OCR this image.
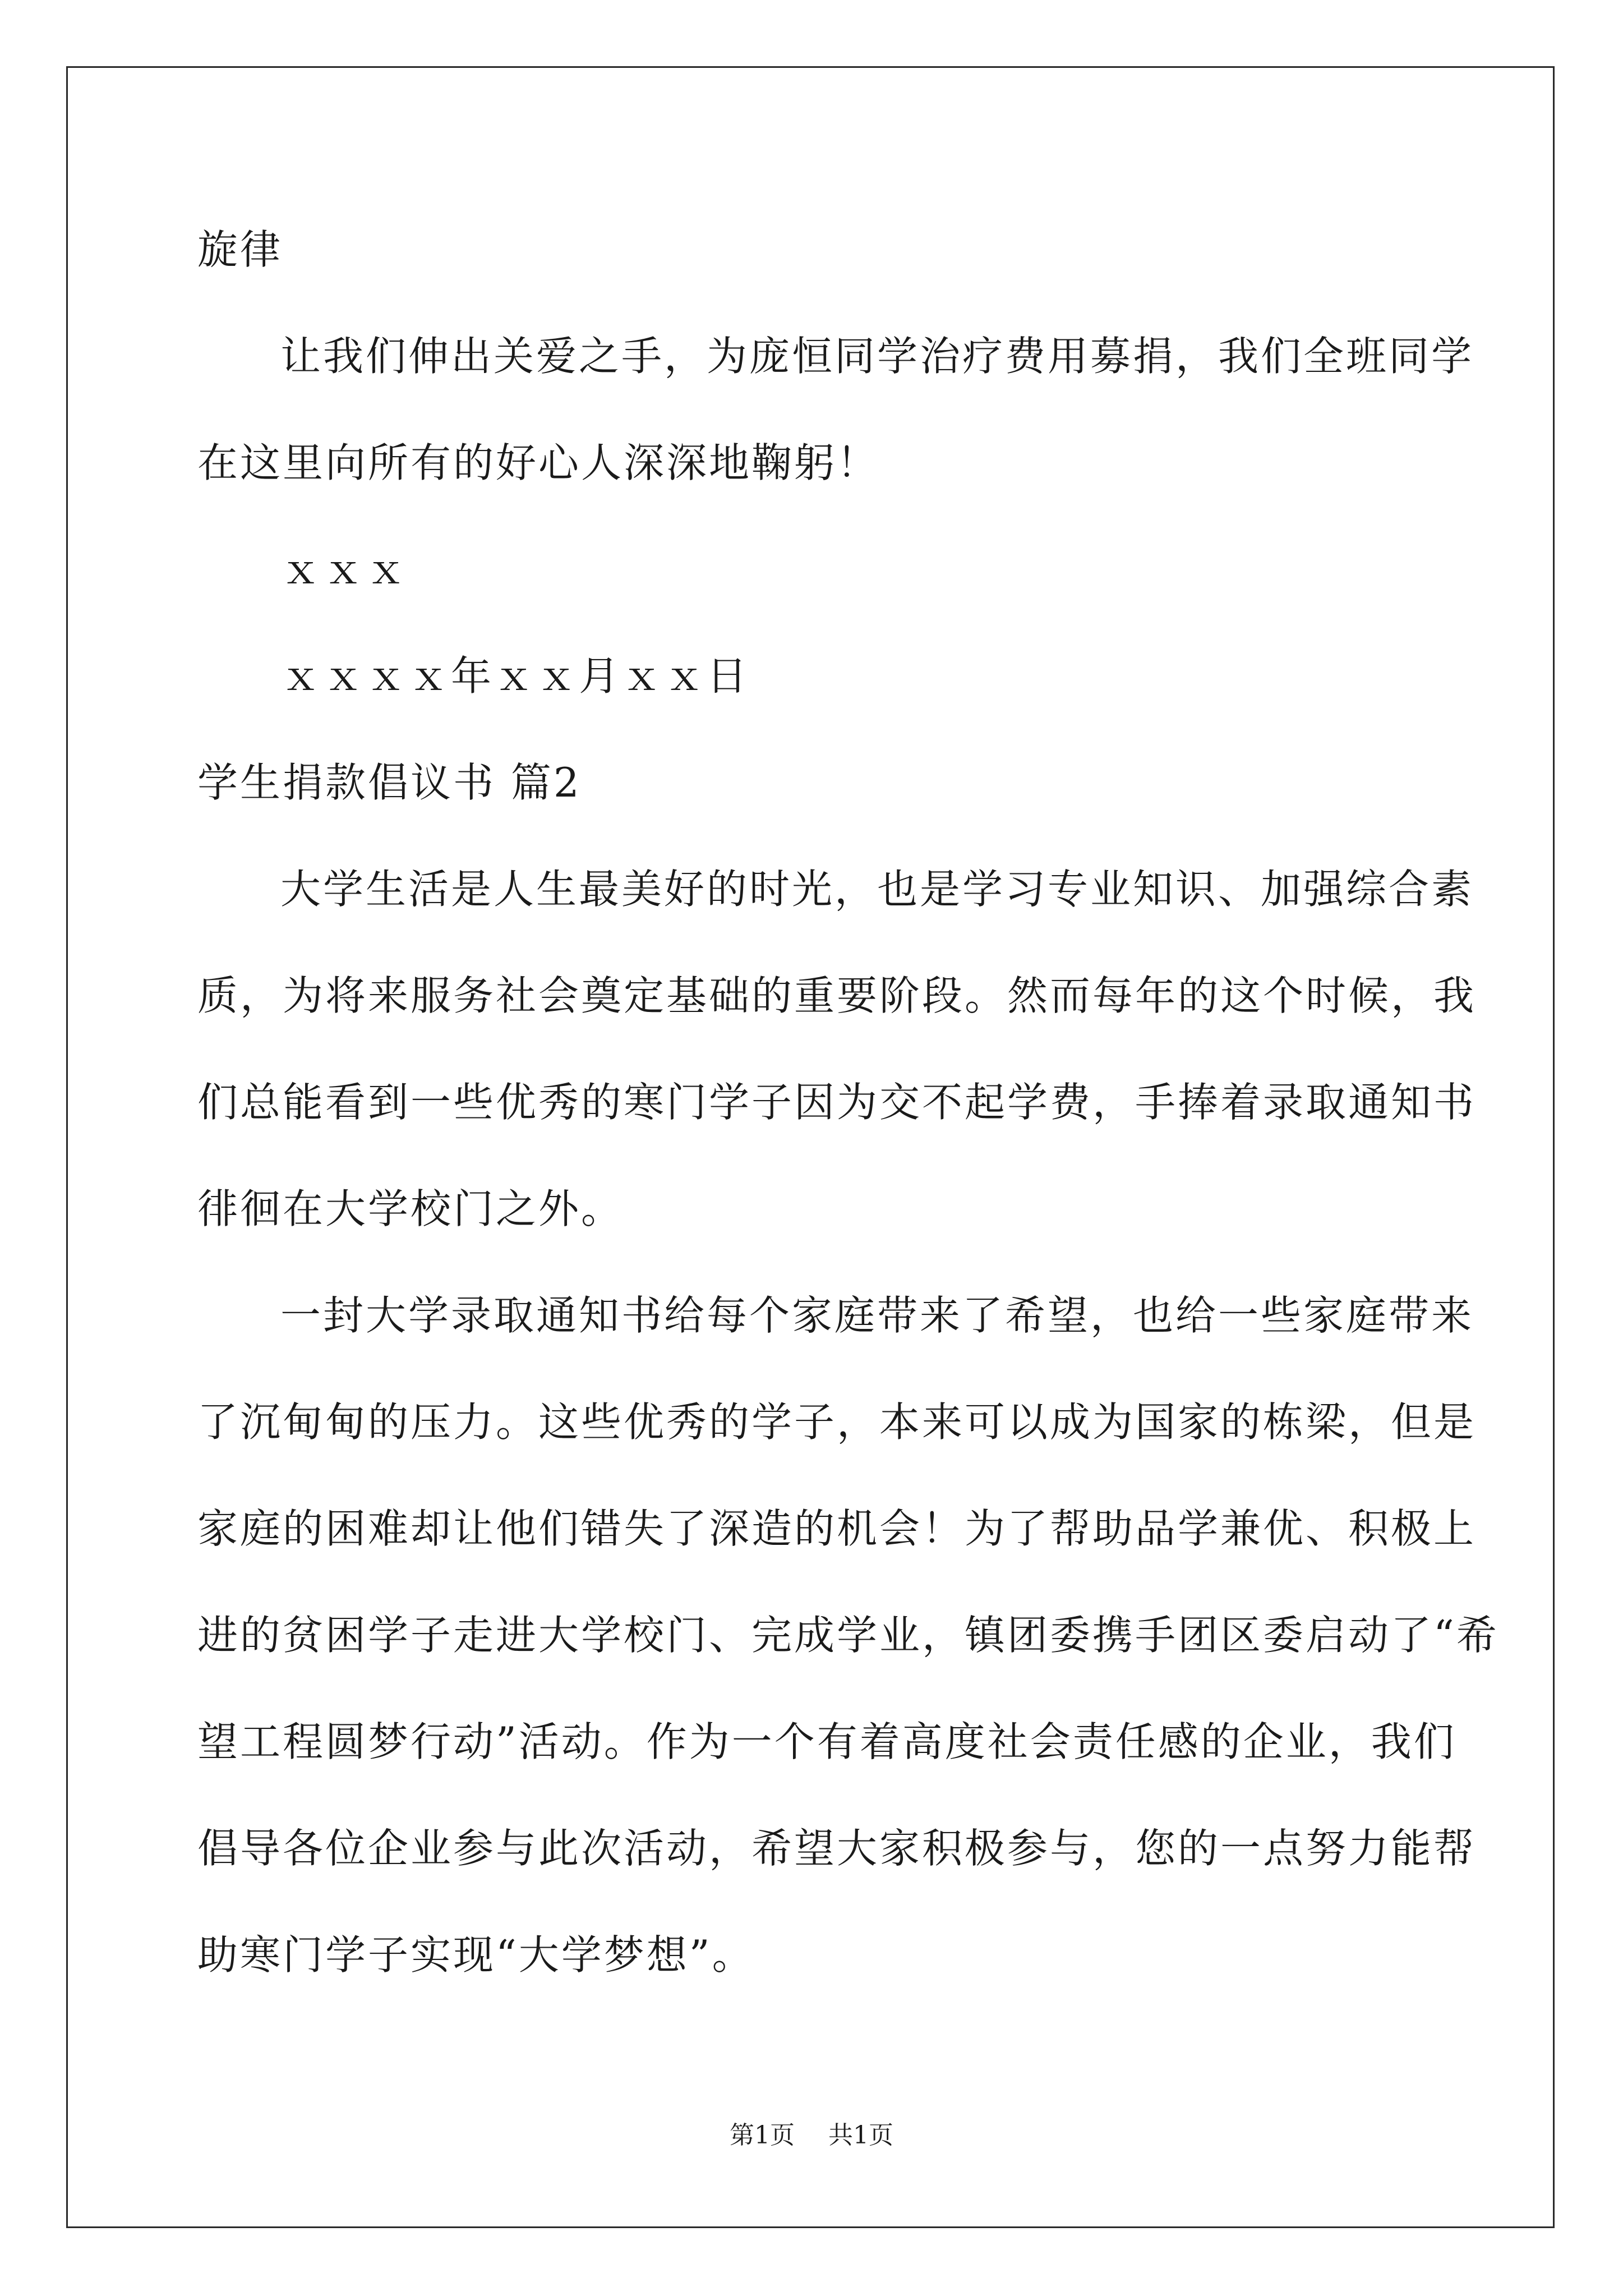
旋律
让我们伸出关爱之手，为庞恒同学治疗费用募捐，我们全班同学
在这里向所有的好心人深深地鞠躬！
ｘｘｘ
ｘｘｘｘ年ｘｘ月ｘｘ日
学生捐款倡议书 篇2
大学生活是人生最美好的时光，也是学习专业知识、加强综合素
质，为将来服务社会奠定基础的重要阶段。然而每年的这个时候，我
们总能看到一些优秀的寒门学子因为交不起学费，手捧着录取通知书
徘徊在大学校门之外。
一封大学录取通知书给每个家庭带来了希望，也给一些家庭带来
了沉甸甸的压力。这些优秀的学子，本来可以成为国家的栋梁，但是
家庭的困难却让他们错失了深造的机会！为了帮助品学兼优、积极上
进的贫困学子走进大学校门、完成学业，镇团委携手团区委启动了“希
望工程圆梦行动”活动。作为一个有着高度社会责任感的企业，我们
倡导各位企业参与此次活动，希望大家积极参与，您的一点努力能帮
助寒门学子实现“大学梦想”。
第1页 共1页
